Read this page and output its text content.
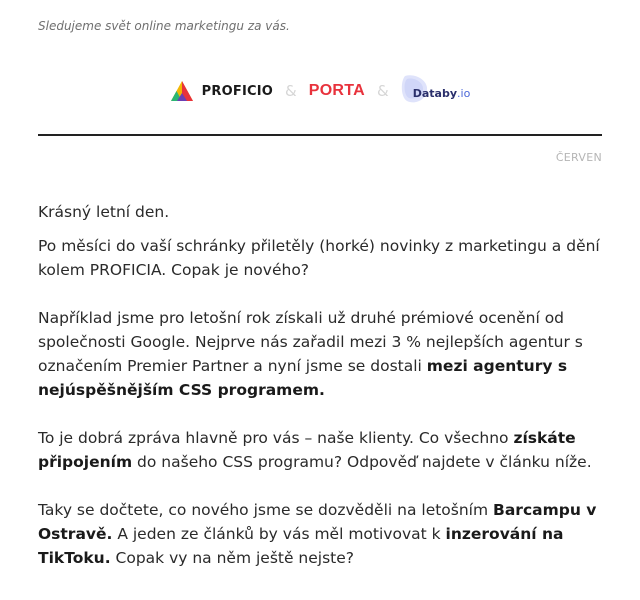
Sledujeme svět online marketingu za vás.
PROFICIO & PORTA &	Databy.io
ČERVEN

Krásný letní den.

Po měsíci do vaší schránky přiletěly (horké) novinky z marketingu a dění kolem PROFICIA. Copak je nového?

Například jsme pro letošní rok získali už druhé prémiové ocenění od společnosti Google. Nejprve nás zařadil mezi 3 % nejlepších agentur s označením Premier Partner a nyní jsme se dostali mezi agentury s nejúspěšnějším CSS programem.

To je dobrá zpráva hlavně pro vás – naše klienty. Co všechno získáte připojením do našeho CSS programu? Odpověď najdete v článku níže.

Taky se dočtete, co nového jsme se dozvěděli na letošním Barcampu v Ostravě. A jeden ze článků by vás měl motivovat k inzerování na TikToku. Copak vy na něm ještě nejste?
